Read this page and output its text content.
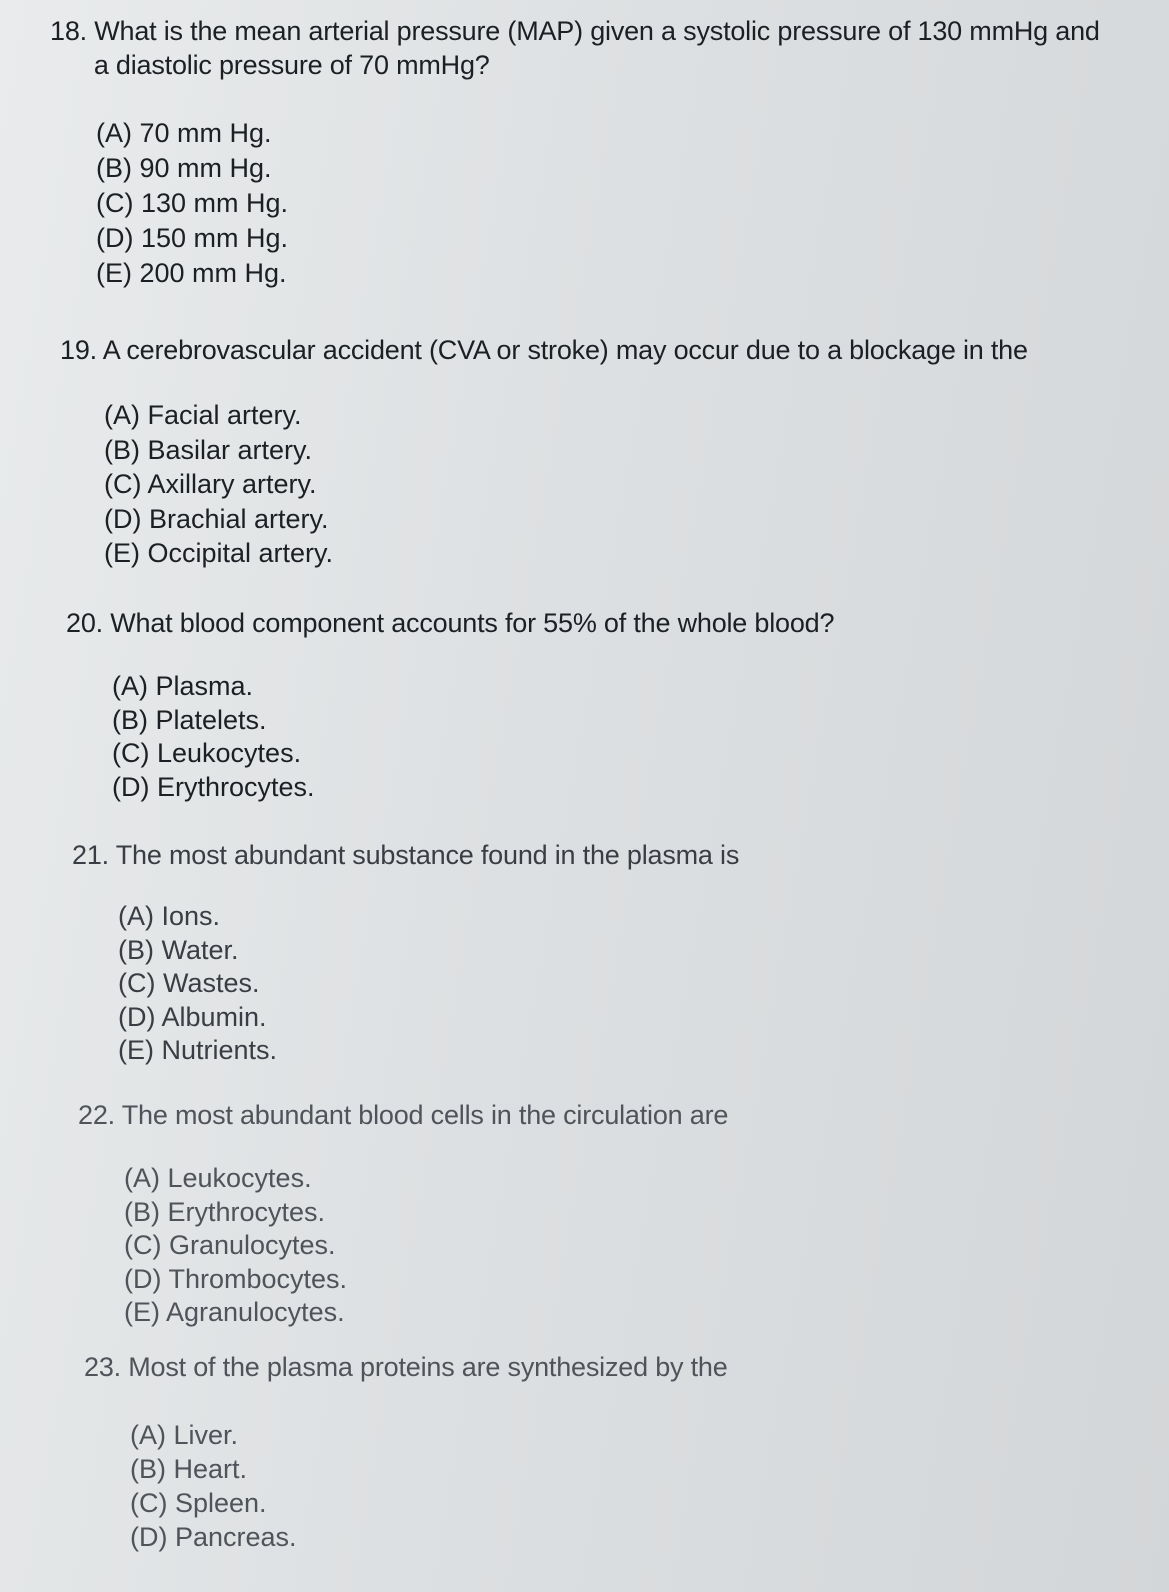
18. What is the mean arterial pressure (MAP) given a systolic pressure of 130 mmHg and
a diastolic pressure of 70 mmHg?
(A) 70 mm Hg.
(B) 90 mm Hg.
(C) 130 mm Hg.
(D) 150 mm Hg.
(E) 200 mm Hg.
19. A cerebrovascular accident (CVA or stroke) may occur due to a blockage in the
(A) Facial artery.
(B) Basilar artery.
(C) Axillary artery.
(D) Brachial artery.
(E) Occipital artery.
20. What blood component accounts for 55% of the whole blood?
(A) Plasma.
(B) Platelets.
(C) Leukocytes.
(D) Erythrocytes.
21. The most abundant substance found in the plasma is
(A) Ions.
(B) Water.
(C) Wastes.
(D) Albumin.
(E) Nutrients.
22. The most abundant blood cells in the circulation are
(A) Leukocytes.
(B) Erythrocytes.
(C) Granulocytes.
(D) Thrombocytes.
(E) Agranulocytes.
23. Most of the plasma proteins are synthesized by the
(A) Liver.
(B) Heart.
(C) Spleen.
(D) Pancreas.
